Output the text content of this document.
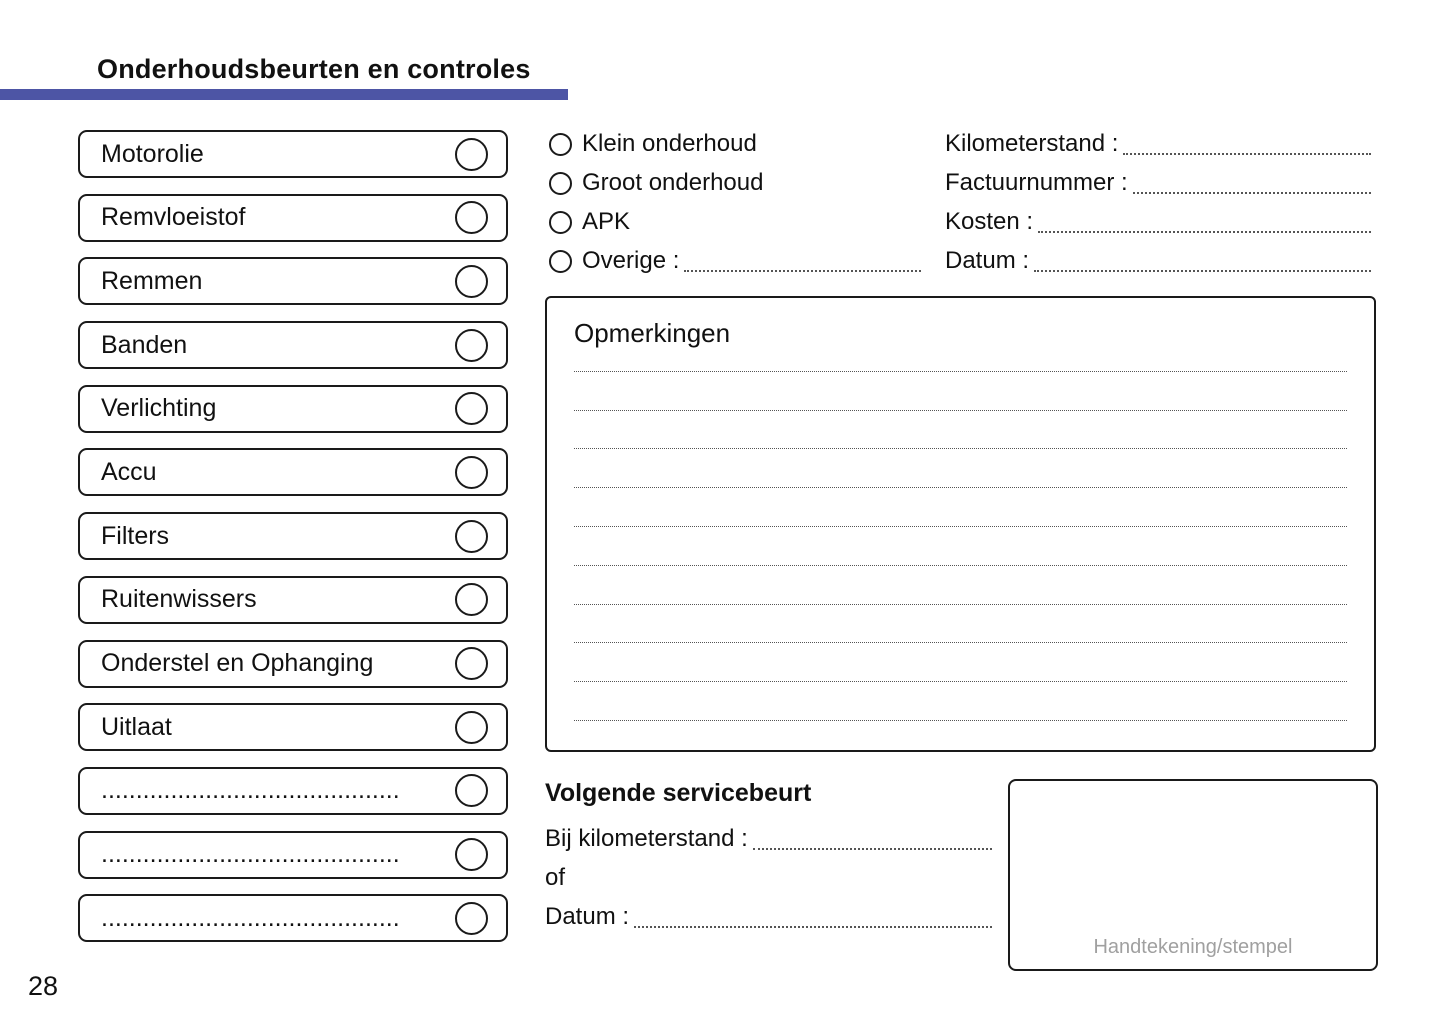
Onderhoudsbeurten en controles
Motorolie
Remvloeistof
Remmen
Banden
Verlichting
Accu
Filters
Ruitenwissers
Onderstel en Ophanging
Uitlaat
...........................................
...........................................
...........................................
Klein onderhoud
Groot onderhoud
APK
Overige :
Kilometerstand :
Factuurnummer :
Kosten :
Datum :
Opmerkingen
Volgende servicebeurt
Bij kilometerstand :
of
Datum :
Handtekening/stempel
28
